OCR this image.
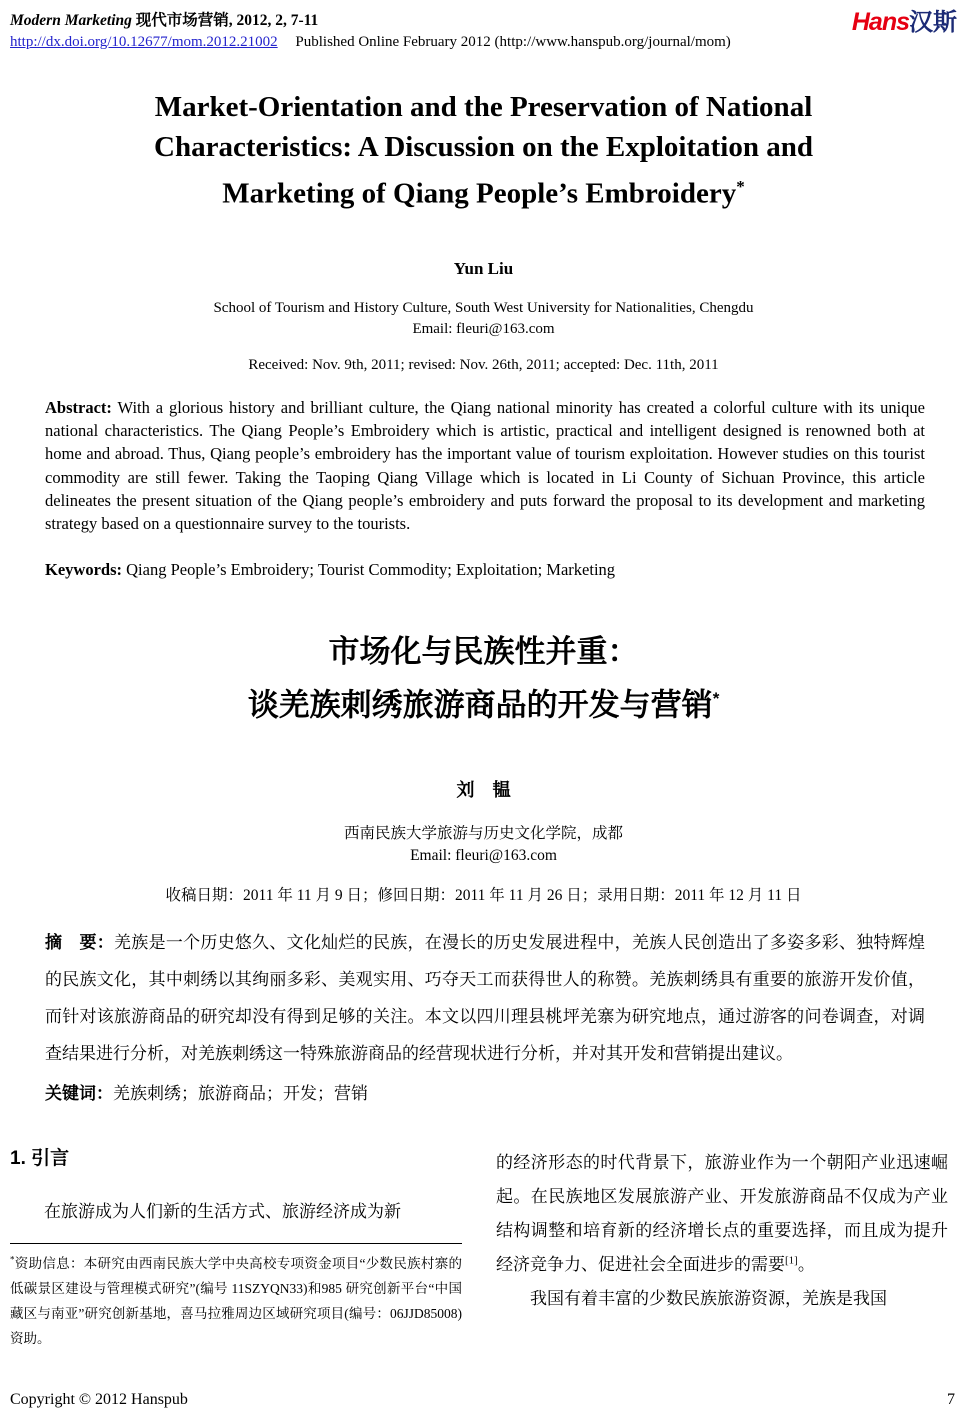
Modern Marketing 现代市场营销, 2012, 2, 7-11
http://dx.doi.org/10.12677/mom.2012.21002 Published Online February 2012 (http://www.hanspub.org/journal/mom)
Hans汉斯
Market-Orientation and the Preservation of National
Characteristics: A Discussion on the Exploitation and
Marketing of Qiang People’s Embroidery*
Yun Liu
School of Tourism and History Culture, South West University for Nationalities, Chengdu
Email: fleuri@163.com
Received: Nov. 9th, 2011; revised: Nov. 26th, 2011; accepted: Dec. 11th, 2011

Abstract: With a glorious history and brilliant culture, the Qiang national minority has created a colorful culture with its unique national characteristics. The Qiang People’s Embroidery which is artistic, practical and intelligent designed is renowned both at home and abroad. Thus, Qiang people’s embroidery has the important value of tourism exploitation. However studies on this tourist commodity are still fewer. Taking the Taoping Qiang Village which is located in Li County of Sichuan Province, this article delineates the present situation of the Qiang people’s embroidery and puts forward the proposal to its development and marketing strategy based on a questionnaire survey to the tourists.

Keywords: Qiang People’s Embroidery; Tourist Commodity; Exploitation; Marketing

市场化与民族性并重：
谈羌族刺绣旅游商品的开发与营销*
刘　韫
西南民族大学旅游与历史文化学院，成都
Email: fleuri@163.com
收稿日期：2011 年 11 月 9 日；修回日期：2011 年 11 月 26 日；录用日期：2011 年 12 月 11 日

摘　要：羌族是一个历史悠久、文化灿烂的民族，在漫长的历史发展进程中，羌族人民创造出了多姿多彩、独特辉煌的民族文化，其中刺绣以其绚丽多彩、美观实用、巧夺天工而获得世人的称赞。羌族刺绣具有重要的旅游开发价值，而针对该旅游商品的研究却没有得到足够的关注。本文以四川理县桃坪羌寨为研究地点，通过游客的问卷调查，对调查结果进行分析，对羌族刺绣这一特殊旅游商品的经营现状进行分析，并对其开发和营销提出建议。

关键词：羌族刺绣；旅游商品；开发；营销

1. 引言

在旅游成为人们新的生活方式、旅游经济成为新

*资助信息：本研究由西南民族大学中央高校专项资金项目“少数民族村寨的低碳景区建设与管理模式研究”(编号 11SZYQN33)和985 研究创新平台“中国藏区与南亚”研究创新基地，喜马拉雅周边区域研究项目(编号：06JJD85008)资助。

的经济形态的时代背景下，旅游业作为一个朝阳产业迅速崛起。在民族地区发展旅游产业、开发旅游商品不仅成为产业结构调整和培育新的经济增长点的重要选择，而且成为提升经济竞争力、促进社会全面进步的需要[1]。

我国有着丰富的少数民族旅游资源，羌族是我国

Copyright © 2012 Hanspub	7
